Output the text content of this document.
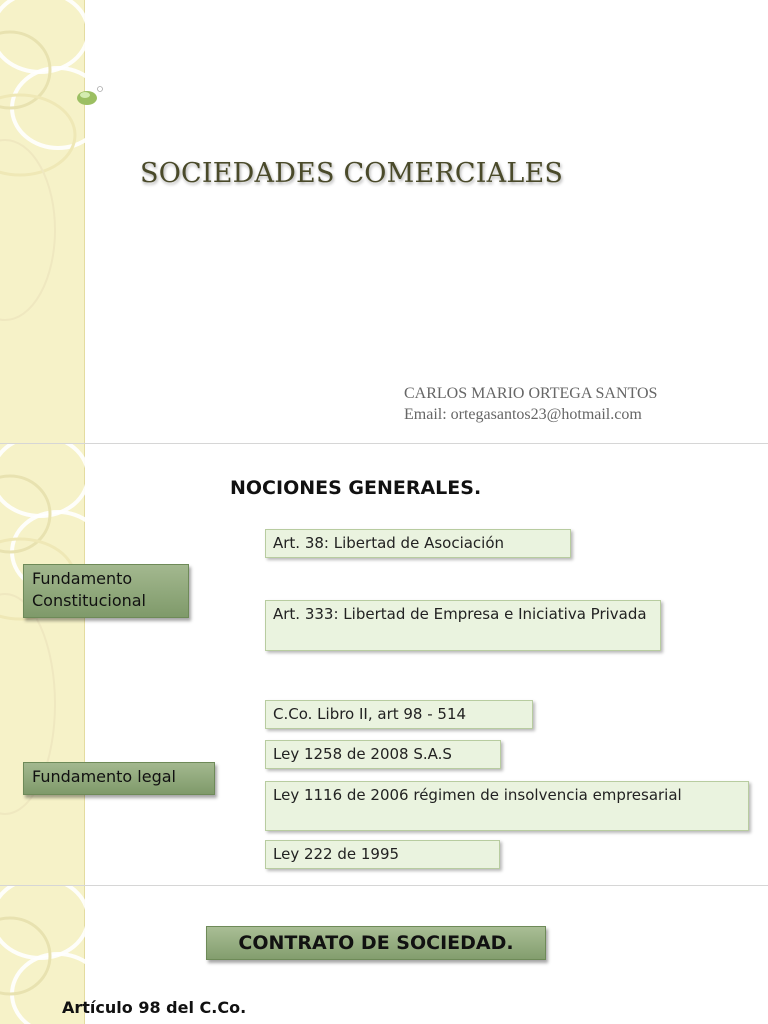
SOCIEDADES COMERCIALES
CARLOS MARIO ORTEGA SANTOS
Email: ortegasantos23@hotmail.com
NOCIONES GENERALES.
Fundamento Constitucional
Art. 38: Libertad de Asociación
Art. 333: Libertad de Empresa e Iniciativa Privada
Fundamento legal
C.Co. Libro II, art 98 - 514
Ley 1258 de 2008 S.A.S
Ley 1116 de 2006 régimen de insolvencia empresarial
Ley 222 de 1995
CONTRATO DE SOCIEDAD.
Artículo 98 del C.Co.
